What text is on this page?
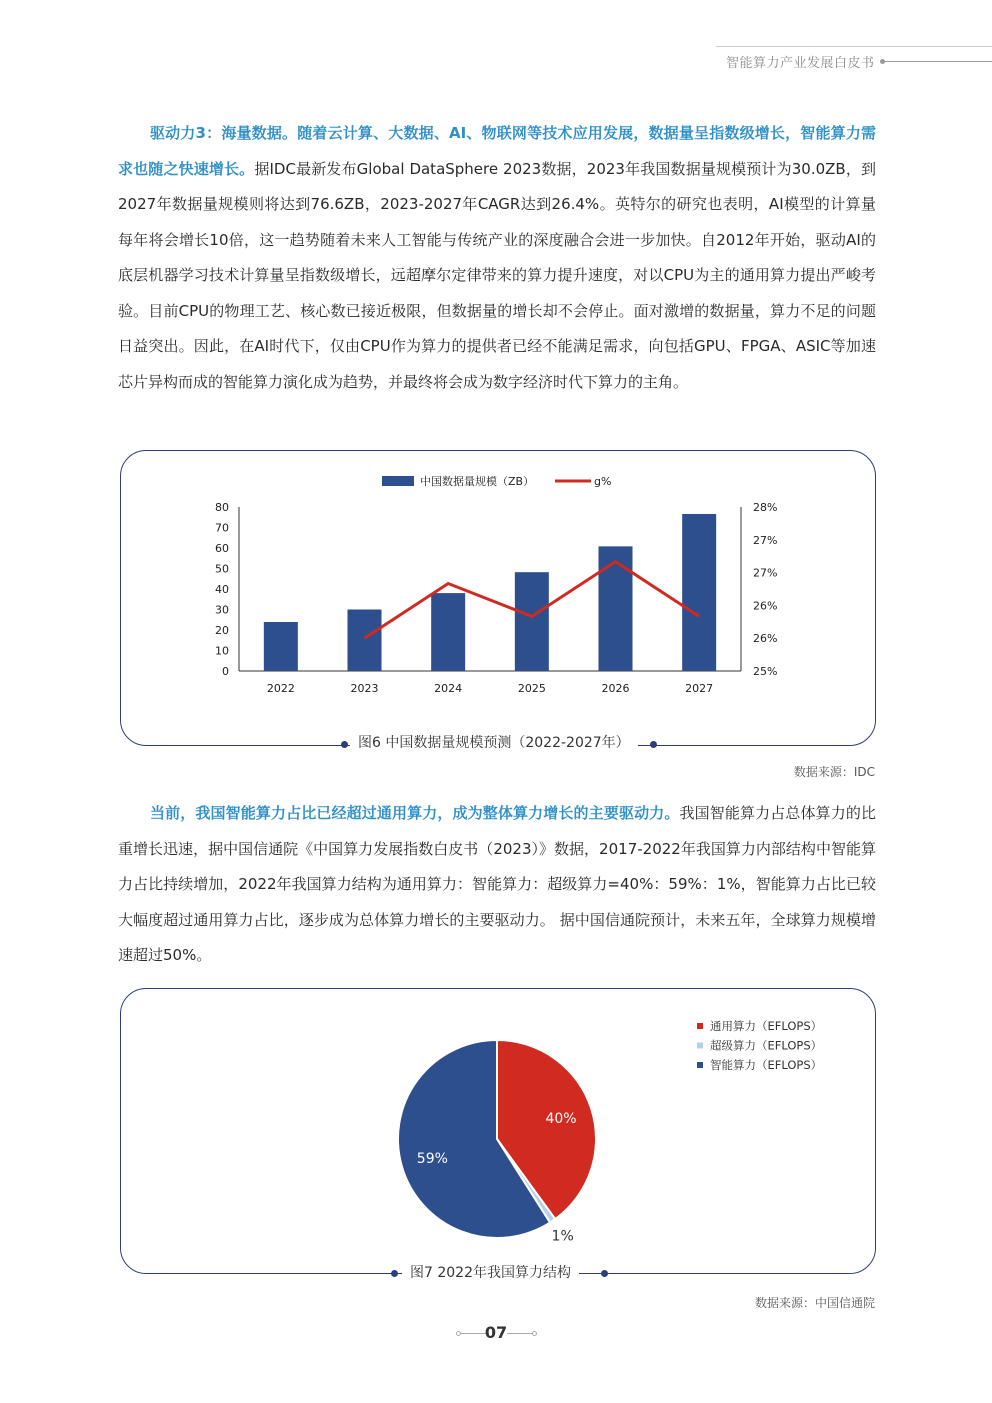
智能算力产业发展白皮书
驱动力3：海量数据。随着云计算、大数据、AI、物联网等技术应用发展，数据量呈指数级增长，智能算力需求也随之快速增长。据IDC最新发布Global DataSphere 2023数据，2023年我国数据量规模预计为30.0ZB，到2027年数据量规模则将达到76.6ZB，2023-2027年CAGR达到26.4%。英特尔的研究也表明，AI模型的计算量每年将会增长10倍，这一趋势随着未来人工智能与传统产业的深度融合会进一步加快。自2012年开始，驱动AI的底层机器学习技术计算量呈指数级增长，远超摩尔定律带来的算力提升速度，对以CPU为主的通用算力提出严峻考验。目前CPU的物理工艺、核心数已接近极限，但数据量的增长却不会停止。面对激增的数据量，算力不足的问题日益突出。因此，在AI时代下，仅由CPU作为算力的提供者已经不能满足需求，向包括GPU、FPGA、ASIC等加速芯片异构而成的智能算力演化成为趋势，并最终将会成为数字经济时代下算力的主角。
0
10
20
30
40
50
60
70
80
25%
26%
26%
27%
27%
28%
2022	2023	2024	2025	2026	2027
中国数据量规模（ZB）	g%
图6 中国数据量规模预测（2022-2027年）
数据来源：IDC
当前，我国智能算力占比已经超过通用算力，成为整体算力增长的主要驱动力。我国智能算力占总体算力的比重增长迅速，据中国信通院《中国算力发展指数白皮书（2023）》数据，2017-2022年我国算力内部结构中智能算力占比持续增加，2022年我国算力结构为通用算力：智能算力：超级算力=40%：59%：1%，智能算力占比已较大幅度超过通用算力占比，逐步成为总体算力增长的主要驱动力。 据中国信通院预计，未来五年，全球算力规模增速超过50%。
40%
1%
59%
通用算力（EFLOPS）
超级算力（EFLOPS）
智能算力（EFLOPS）
图7 2022年我国算力结构
数据来源：中国信通院
07
